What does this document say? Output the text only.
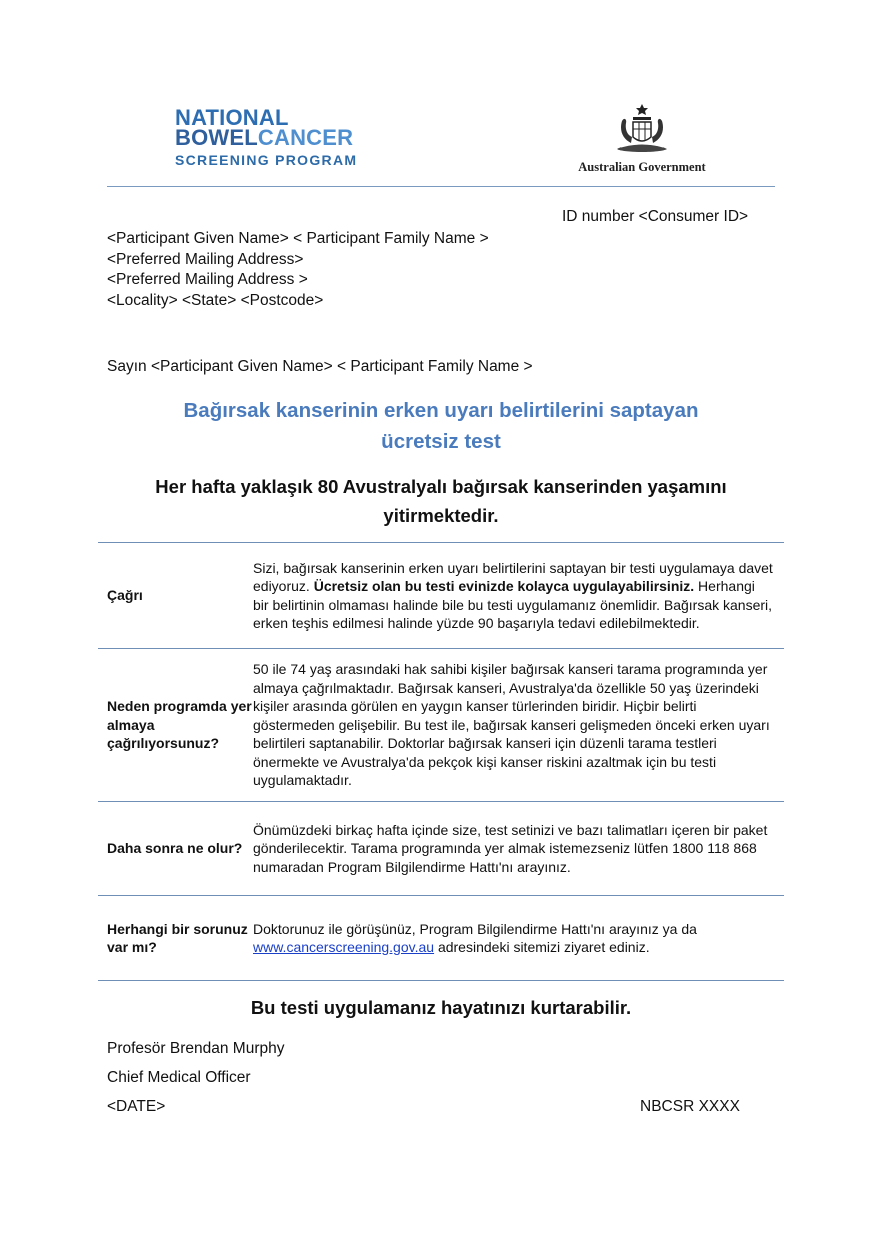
NATIONAL
BOWELCANCER
SCREENING PROGRAM	Australian Government
ID number <Consumer ID>
<Participant Given Name> < Participant Family Name >
<Preferred Mailing Address>
<Preferred Mailing Address >
<Locality> <State> <Postcode>
Sayın <Participant Given Name> < Participant Family Name >
Bağırsak kanserinin erken uyarı belirtilerini saptayan
ücretsiz test
Her hafta yaklaşık 80 Avustralyalı bağırsak kanserinden yaşamını
yitirmektedir.
Çağrı	Sizi, bağırsak kanserinin erken uyarı belirtilerini saptayan bir testi uygulamaya davet ediyoruz. Ücretsiz olan bu testi evinizde kolayca uygulayabilirsiniz. Herhangi bir belirtinin olmaması halinde bile bu testi uygulamanız önemlidir. Bağırsak kanseri, erken teşhis edilmesi halinde yüzde 90 başarıyla tedavi edilebilmektedir.
Neden programda yer almaya çağrılıyorsunuz?	50 ile 74 yaş arasındaki hak sahibi kişiler bağırsak kanseri tarama programında yer almaya çağrılmaktadır. Bağırsak kanseri, Avustralya'da özellikle 50 yaş üzerindeki kişiler arasında görülen en yaygın kanser türlerinden biridir. Hiçbir belirti göstermeden gelişebilir. Bu test ile, bağırsak kanseri gelişmeden önceki erken uyarı belirtileri saptanabilir. Doktorlar bağırsak kanseri için düzenli tarama testleri önermekte ve Avustralya'da pekçok kişi kanser riskini azaltmak için bu testi uygulamaktadır.
Daha sonra ne olur?	Önümüzdeki birkaç hafta içinde size, test setinizi ve bazı talimatları içeren bir paket gönderilecektir. Tarama programında yer almak istemezseniz lütfen 1800 118 868 numaradan Program Bilgilendirme Hattı'nı arayınız.
Herhangi bir sorunuz var mı?	Doktorunuz ile görüşünüz, Program Bilgilendirme Hattı'nı arayınız ya da www.cancerscreening.gov.au adresindeki sitemizi ziyaret ediniz.
Bu testi uygulamanız hayatınızı kurtarabilir.
Profesör Brendan Murphy
Chief Medical Officer
<DATE>	NBCSR XXXX
